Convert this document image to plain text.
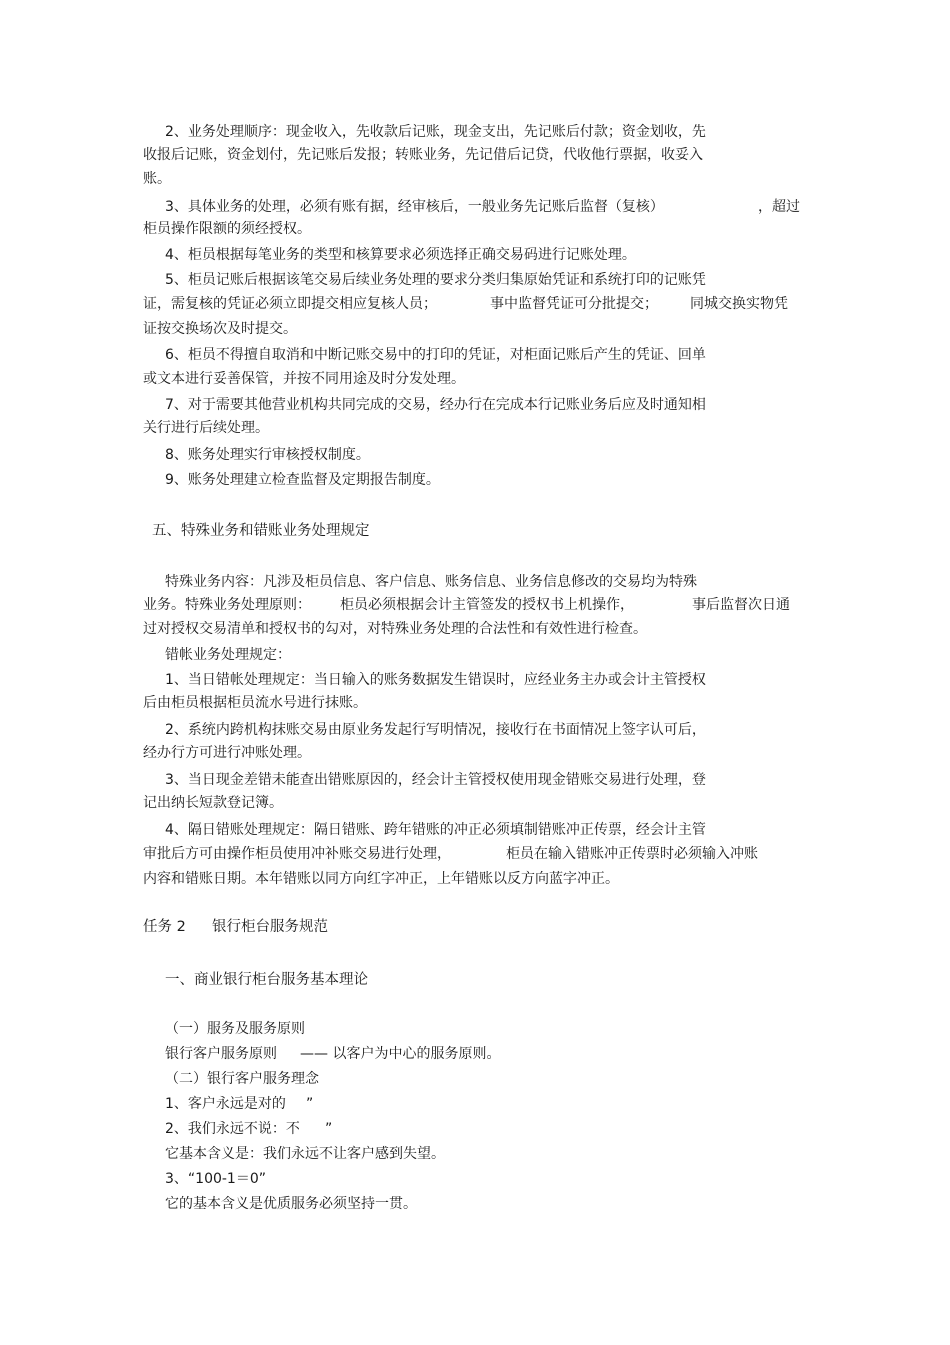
2、业务处理顺序：现金收入，先收款后记账，现金支出，先记账后付款；资金划收，先
收报后记账，资金划付，先记账后发报；转账业务，先记借后记贷，代收他行票据，收妥入
账。
3、具体业务的处理，必须有账有据，经审核后，一般业务先记账后监督（复核）	，超过
柜员操作限额的须经授权。
4、柜员根据每笔业务的类型和核算要求必须选择正确交易码进行记账处理。
5、柜员记账后根据该笔交易后续业务处理的要求分类归集原始凭证和系统打印的记账凭
证，需复核的凭证必须立即提交相应复核人员；	事中监督凭证可分批提交； 同城交换实物凭
证按交换场次及时提交。
6、柜员不得擅自取消和中断记账交易中的打印的凭证，对柜面记账后产生的凭证、回单
或文本进行妥善保管，并按不同用途及时分发处理。
7、对于需要其他营业机构共同完成的交易，经办行在完成本行记账业务后应及时通知相
关行进行后续处理。
8、账务处理实行审核授权制度。
9、账务处理建立检查监督及定期报告制度。
五、特殊业务和错账业务处理规定
特殊业务内容：凡涉及柜员信息、客户信息、账务信息、业务信息修改的交易均为特殊
业务。特殊业务处理原则： 柜员必须根据会计主管签发的授权书上机操作，	事后监督次日通
过对授权交易清单和授权书的勾对，对特殊业务处理的合法性和有效性进行检查。
错帐业务处理规定：
1、当日错帐处理规定：当日输入的账务数据发生错误时，应经业务主办或会计主管授权
后由柜员根据柜员流水号进行抹账。
2、系统内跨机构抹账交易由原业务发起行写明情况，接收行在书面情况上签字认可后，
经办行方可进行冲账处理。
3、当日现金差错未能查出错账原因的，经会计主管授权使用现金错账交易进行处理，登
记出纳长短款登记簿。
4、隔日错账处理规定：隔日错账、跨年错账的冲正必须填制错账冲正传票，经会计主管
审批后方可由操作柜员使用冲补账交易进行处理，	柜员在输入错账冲正传票时必须输入冲账
内容和错账日期。本年错账以同方向红字冲正，上年错账以反方向蓝字冲正。
任务 2 银行柜台服务规范
一、商业银行柜台服务基本理论
（一）服务及服务原则
银行客户服务原则 —— 以客户为中心的服务原则。
（二）银行客户服务理念
1、客户永远是对的 ”
2、我们永远不说：不 ”
它基本含义是：我们永远不让客户感到失望。
3、“100-1＝0”
它的基本含义是优质服务必须坚持一贯。
